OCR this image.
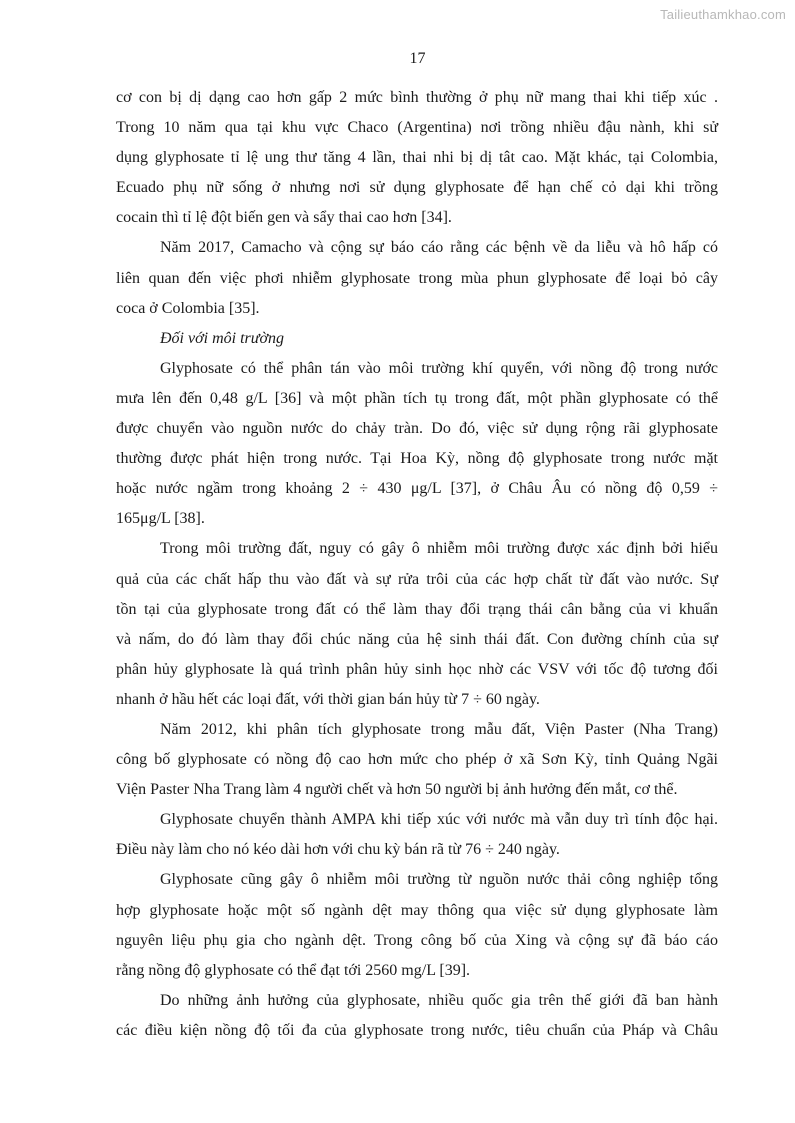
Tailieuthamkhao.com
17

cơ con bị dị dạng cao hơn gấp 2 mức bình thường ở phụ nữ mang thai khi tiếp xúc .
Trong 10 năm qua tại khu vực Chaco (Argentina) nơi trồng nhiều đậu nành, khi sử
dụng glyphosate tỉ lệ ung thư tăng 4 lần, thai nhi bị dị tât cao. Mặt khác, tại Colombia,
Ecuado phụ nữ sống ở nhưng nơi sử dụng glyphosate để hạn chế cỏ dại khi trồng
cocain thì tỉ lệ đột biến gen và sẩy thai cao hơn [34].

Năm 2017, Camacho và cộng sự báo cáo rằng các bệnh về da liễu và hô hấp có
liên quan đến việc phơi nhiễm glyphosate trong mùa phun glyphosate để loại bỏ cây
coca ở Colombia [35].

Đối với môi trường

Glyphosate có thể phân tán vào môi trường khí quyển, với nồng độ trong nước
mưa lên đến 0,48 g/L [36] và một phần tích tụ trong đất, một phần glyphosate có thể
được chuyển vào nguồn nước do chảy tràn. Do đó, việc sử dụng rộng rãi glyphosate
thường được phát hiện trong nước. Tại Hoa Kỳ, nồng độ glyphosate trong nước mặt
hoặc nước ngầm trong khoảng 2 ÷ 430 μg/L [37], ở Châu Âu có nồng độ 0,59 ÷
165μg/L [38].

Trong môi trường đất, nguy có gây ô nhiễm môi trường được xác định bởi hiểu
quả của các chất hấp thu vào đất và sự rửa trôi của các hợp chất từ đất vào nước. Sự
tồn tại của glyphosate trong đất có thể làm thay đổi trạng thái cân bằng của vi khuẩn
và nấm, do đó làm thay đổi chúc năng của hệ sinh thái đất. Con đường chính của sự
phân hủy glyphosate là quá trình phân hủy sinh học nhờ các VSV với tốc độ tương đối
nhanh ở hầu hết các loại đất, với thời gian bán hủy từ 7 ÷ 60 ngày.

Năm 2012, khi phân tích glyphosate trong mẫu đất, Viện Paster (Nha Trang)
công bố glyphosate có nồng độ cao hơn mức cho phép ở xã Sơn Kỳ, tỉnh Quảng Ngãi
Viện Paster Nha Trang làm 4 người chết và hơn 50 người bị ảnh hưởng đến mắt, cơ thể.

Glyphosate chuyển thành AMPA khi tiếp xúc với nước mà vẫn duy trì tính độc hại.
Điều này làm cho nó kéo dài hơn với chu kỳ bán rã từ 76 ÷ 240 ngày.

Glyphosate cũng gây ô nhiễm môi trường từ nguồn nước thải công nghiệp tổng
hợp glyphosate hoặc một số ngành dệt may thông qua việc sử dụng glyphosate làm
nguyên liệu phụ gia cho ngành dệt. Trong công bố của Xing và cộng sự đã báo cáo
rằng nồng độ glyphosate có thể đạt tới 2560 mg/L [39].

Do những ảnh hưởng của glyphosate, nhiều quốc gia trên thế giới đã ban hành
các điều kiện nồng độ tối đa của glyphosate trong nước, tiêu chuẩn của Pháp và Châu
